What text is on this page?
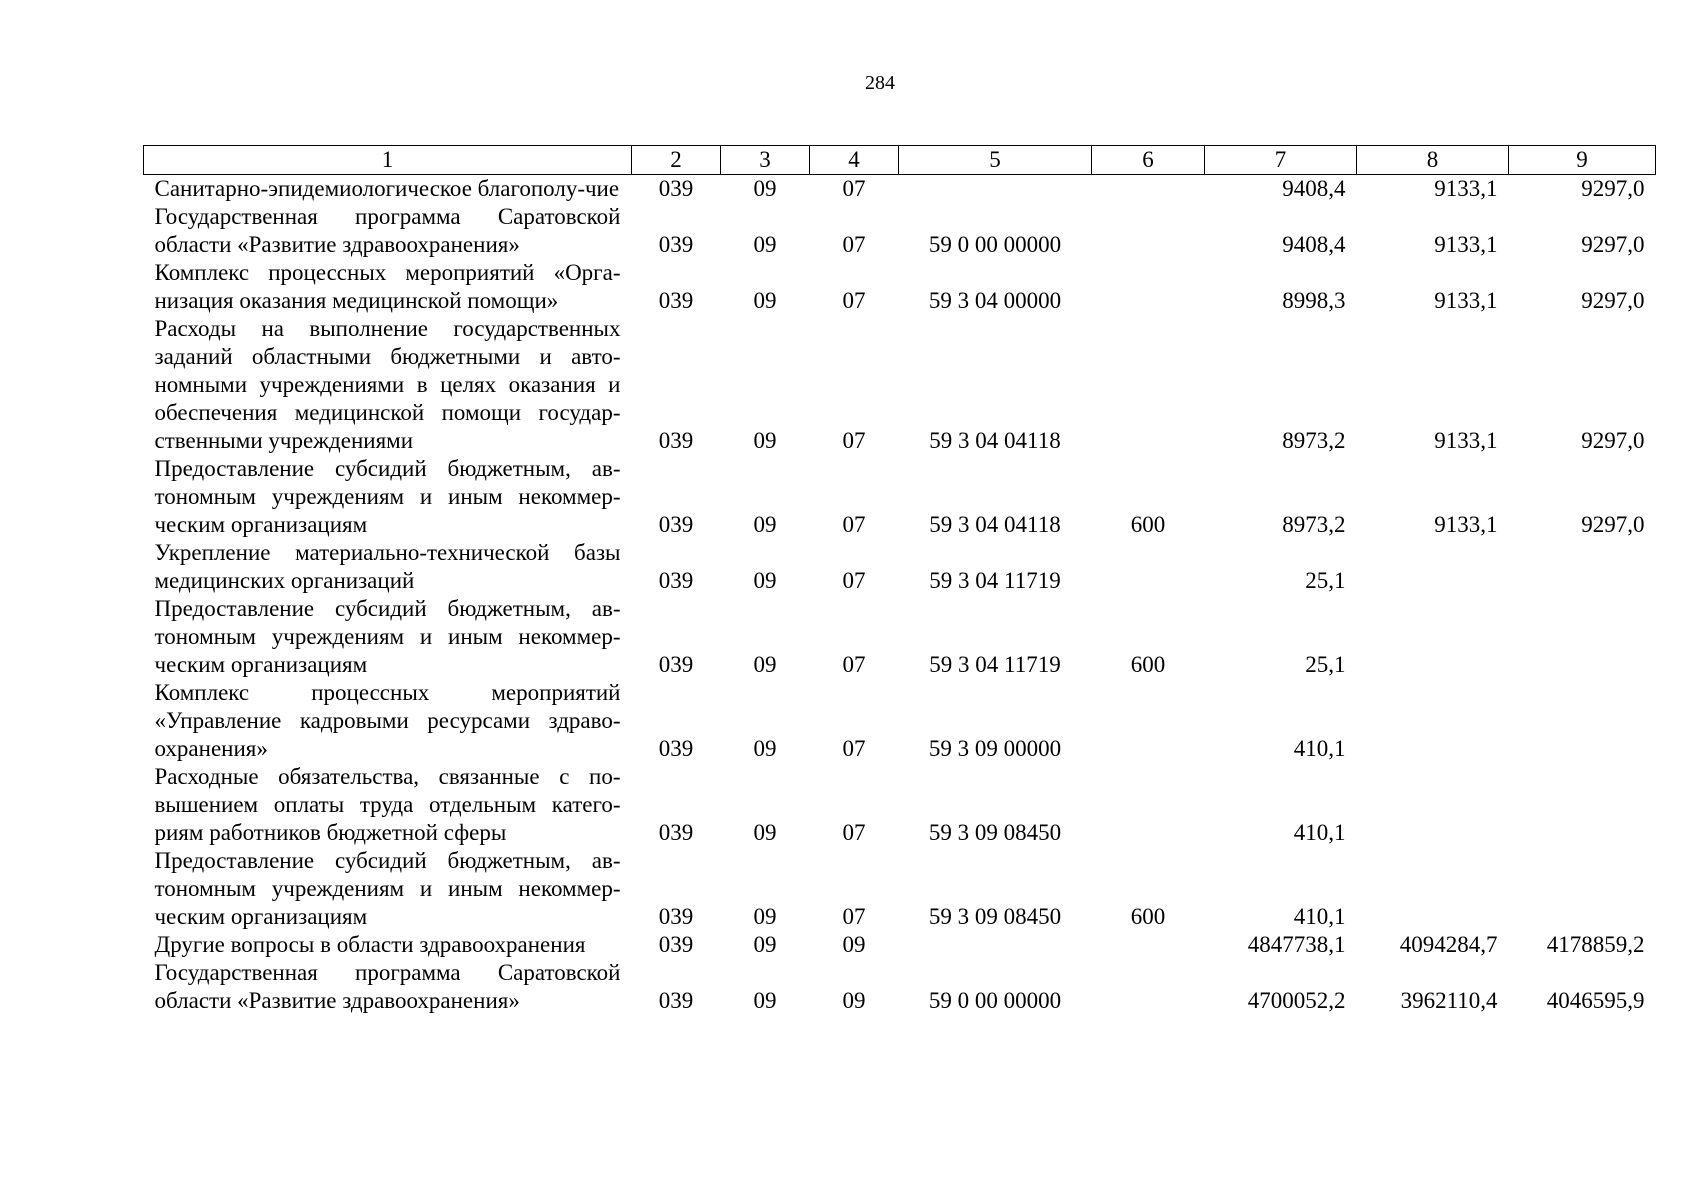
284
1	2	3	4	5	6	7	8	9
Санитарно-эпидемиологическое благополу-чие	039	09	07			9408,4	9133,1	9297,0
Государственная программа Саратовской области «Развитие здравоохранения»	039	09	07	59 0 00 00000		9408,4	9133,1	9297,0
Комплекс процессных мероприятий «Организация оказания медицинской помощи»	039	09	07	59 3 04 00000		8998,3	9133,1	9297,0
Расходы на выполнение государственных заданий областными бюджетными и автономными учреждениями в целях оказания и обеспечения медицинской помощи государственными учреждениями	039	09	07	59 3 04 04118		8973,2	9133,1	9297,0
Предоставление субсидий бюджетным, автономным учреждениям и иным некоммерческим организациям	039	09	07	59 3 04 04118	600	8973,2	9133,1	9297,0
Укрепление материально-технической базы медицинских организаций	039	09	07	59 3 04 11719		25,1		
Предоставление субсидий бюджетным, автономным учреждениям и иным некоммерческим организациям	039	09	07	59 3 04 11719	600	25,1		
Комплекс процессных мероприятий «Управление кадровыми ресурсами здравоохранения»	039	09	07	59 3 09 00000		410,1		
Расходные обязательства, связанные с повышением оплаты труда отдельным категориям работников бюджетной сферы	039	09	07	59 3 09 08450		410,1		
Предоставление субсидий бюджетным, автономным учреждениям и иным некоммерческим организациям	039	09	07	59 3 09 08450	600	410,1		
Другие вопросы в области здравоохранения	039	09	09			4847738,1	4094284,7	4178859,2
Государственная программа Саратовской области «Развитие здравоохранения»	039	09	09	59 0 00 00000		4700052,2	3962110,4	4046595,9
